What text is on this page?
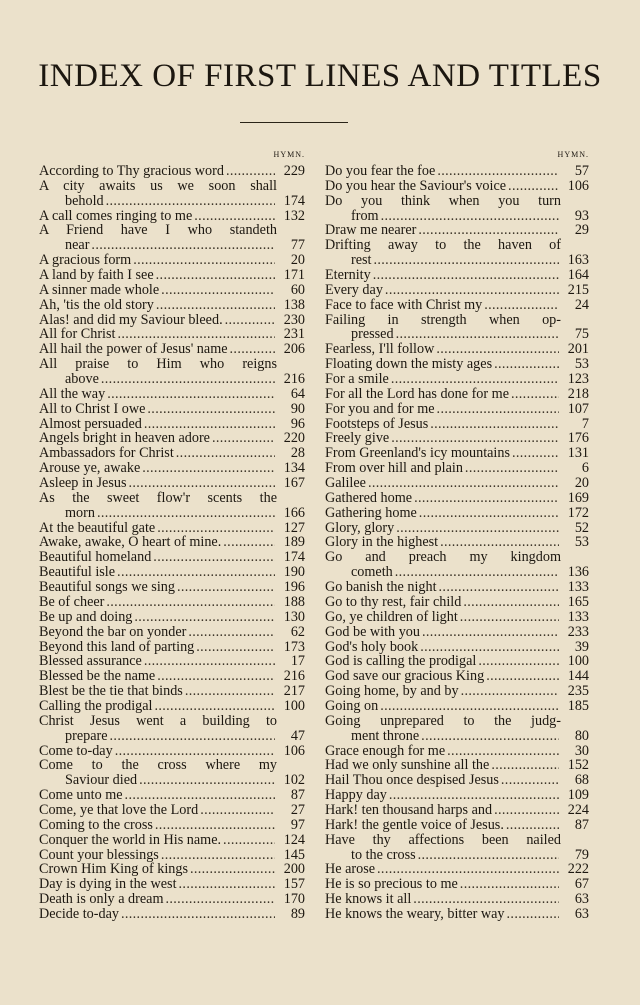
INDEX OF FIRST LINES AND TITLES
HYMN.
According to Thy gracious word . . .	229
A city awaits us we soon shall
behold . . .	174
A call comes ringing to me . . .	132
A Friend have I who standeth
near . . .	77
A gracious form . . .	20
A land by faith I see . . .	171
A sinner made whole . . .	60
Ah, 'tis the old story . . .	138
Alas! and did my Saviour bleed. . . .	230
All for Christ . . .	231
All hail the power of Jesus' name . . .	206
All praise to Him who reigns
above . . .	216
All the way . . .	64
All to Christ I owe . . .	90
Almost persuaded . . .	96
Angels bright in heaven adore . . .	220
Ambassadors for Christ . . .	28
Arouse ye, awake . . .	134
Asleep in Jesus . . .	167
As the sweet flow'r scents the
morn . . .	166
At the beautiful gate . . .	127
Awake, awake, O heart of mine. . . .	189
Beautiful homeland . . .	174
Beautiful isle . . .	190
Beautiful songs we sing . . .	196
Be of cheer . . .	188
Be up and doing . . .	130
Beyond the bar on yonder . . .	62
Beyond this land of parting . . .	173
Blessed assurance . . .	17
Blessed be the name . . .	216
Blest be the tie that binds . . .	217
Calling the prodigal . . .	100
Christ Jesus went a building to
prepare . . .	47
Come to-day . . .	106
Come to the cross where my
Saviour died . . .	102
Come unto me . . .	87
Come, ye that love the Lord . . .	27
Coming to the cross . . .	97
Conquer the world in His name. . . .	124
Count your blessings . . .	145
Crown Him King of kings . . .	200
Day is dying in the west . . .	157
Death is only a dream . . .	170
Decide to-day . . .	89
HYMN.
Do you fear the foe . . .	57
Do you hear the Saviour's voice . . .	106
Do you think when you turn
from . . .	93
Draw me nearer . . .	29
Drifting away to the haven of
rest . . .	163
Eternity . . .	164
Every day . . .	215
Face to face with Christ my . . .	24
Failing in strength when op-
pressed . . .	75
Fearless, I'll follow . . .	201
Floating down the misty ages . . .	53
For a smile . . .	123
For all the Lord has done for me . . .	218
For you and for me . . .	107
Footsteps of Jesus . . .	7
Freely give . . .	176
From Greenland's icy mountains . . .	131
From over hill and plain . . .	6
Galilee . . .	20
Gathered home . . .	169
Gathering home . . .	172
Glory, glory . . .	52
Glory in the highest . . .	53
Go and preach my kingdom
cometh . . .	136
Go banish the night . . .	133
Go to thy rest, fair child . . .	165
Go, ye children of light . . .	133
God be with you . . .	233
God's holy book . . .	39
God is calling the prodigal . . .	100
God save our gracious King . . .	144
Going home, by and by . . .	235
Going on . . .	185
Going unprepared to the judg-
ment throne . . .	80
Grace enough for me . . .	30
Had we only sunshine all the . . .	152
Hail Thou once despised Jesus . . .	68
Happy day . . .	109
Hark! ten thousand harps and . . .	224
Hark! the gentle voice of Jesus. . . .	87
Have thy affections been nailed
to the cross . . .	79
He arose . . .	222
He is so precious to me . . .	67
He knows it all . . .	63
He knows the weary, bitter way . . .	63
